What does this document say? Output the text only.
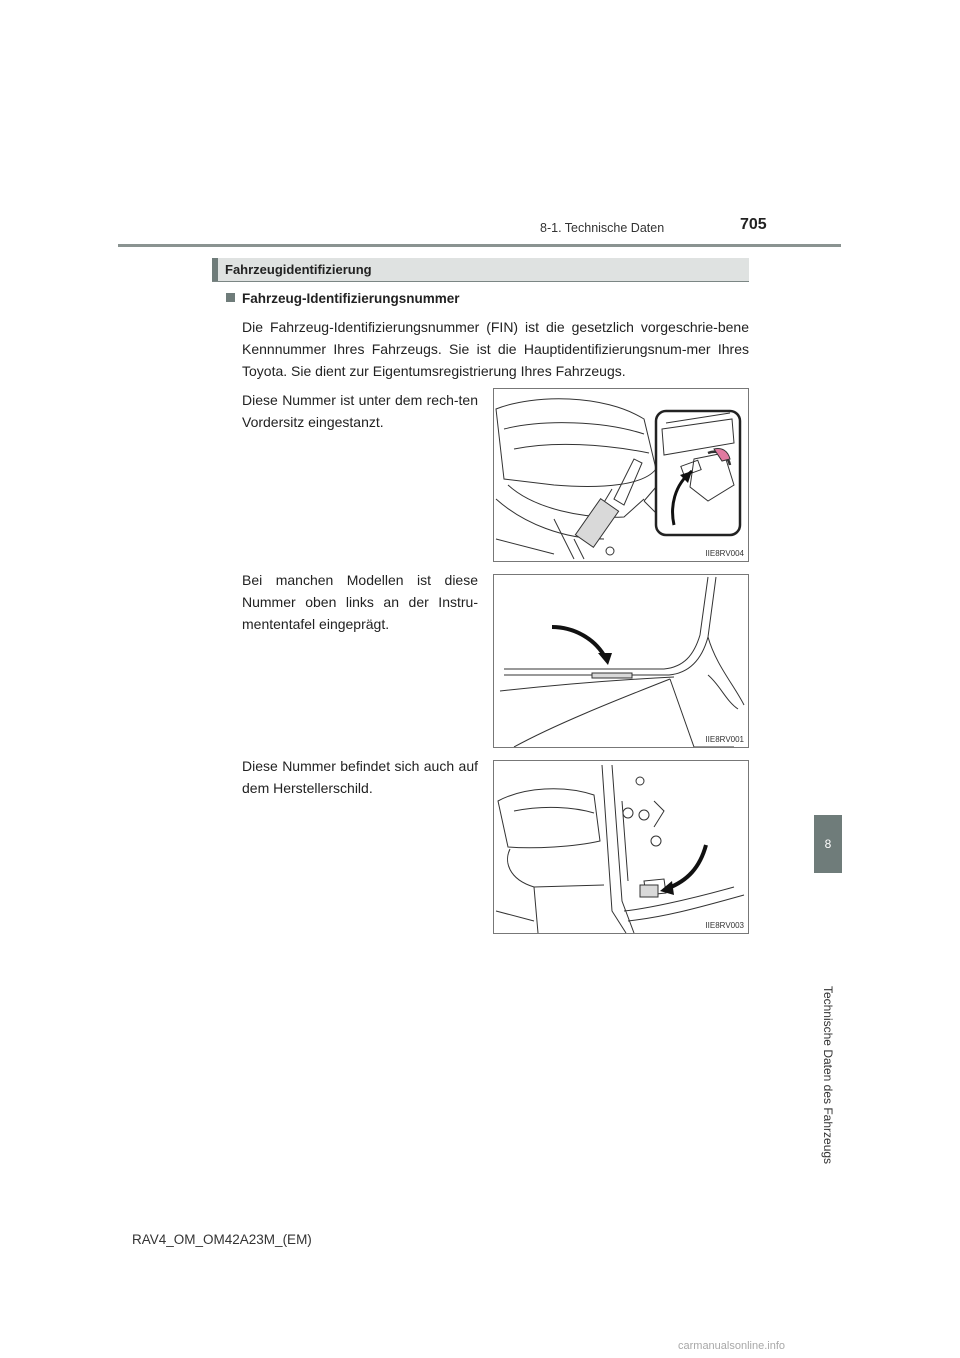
8-1. Technische Daten	705
8
Technische Daten des Fahrzeugs
Fahrzeugidentifizierung
Fahrzeug-Identifizierungsnummer

Die Fahrzeug-Identifizierungsnummer (FIN) ist die gesetzlich vorgeschrie-bene Kennnummer Ihres Fahrzeugs. Sie ist die Hauptidentifizierungsnum-mer Ihres Toyota. Sie dient zur Eigentumsregistrierung Ihres Fahrzeugs.

Diese Nummer ist unter dem rech-ten Vordersitz eingestanzt.

Bei manchen Modellen ist diese Nummer oben links an der Instru-mententafel eingeprägt.

Diese Nummer befindet sich auch auf dem Herstellerschild.

IIE8RV004
IIE8RV001
IIE8RV003
RAV4_OM_OM42A23M_(EM)
carmanualsonline.info
